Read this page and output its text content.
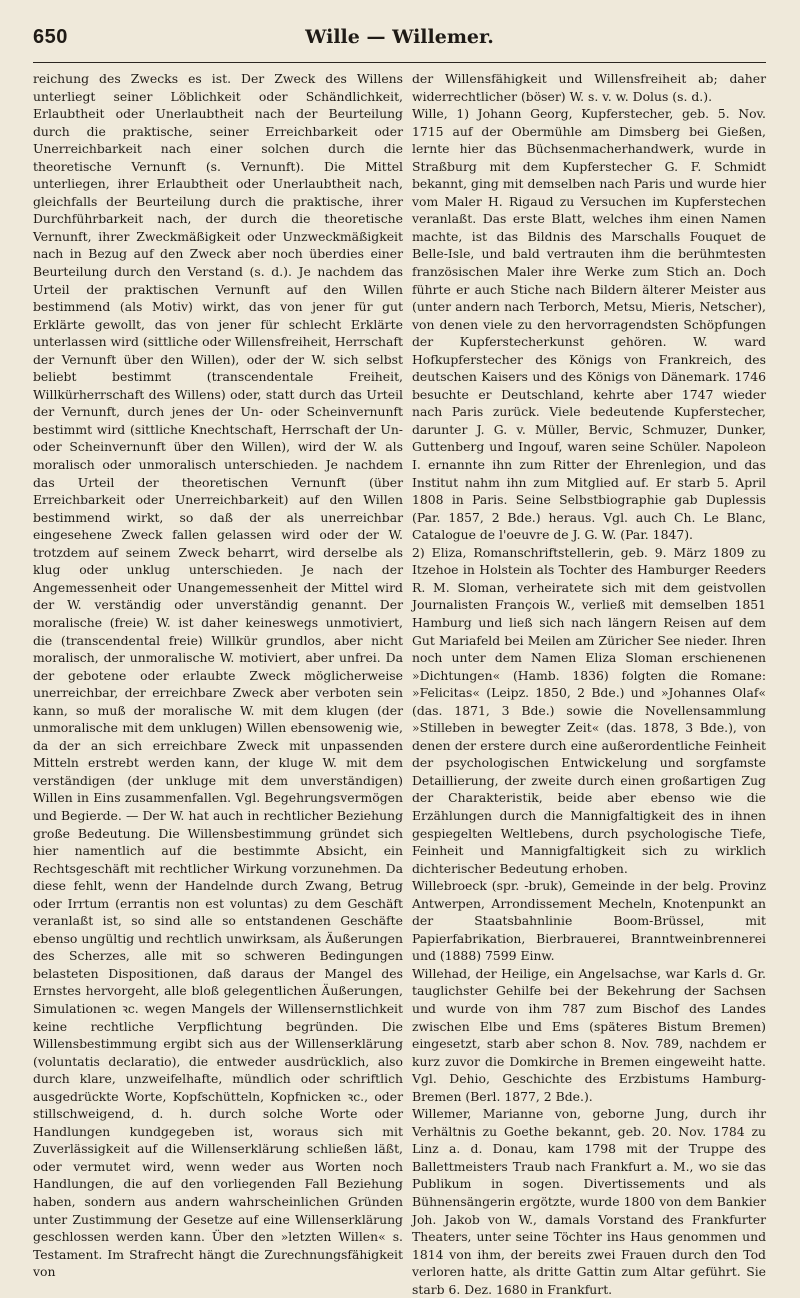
650	Wille — Willemer.

reichung des Zwecks es ist. Der Zweck des Willens unterliegt seiner Löblichkeit oder Schändlichkeit, Erlaubtheit oder Unerlaubtheit nach der Beurteilung durch die praktische, seiner Erreichbarkeit oder Unerreichbarkeit nach einer solchen durch die theoretische Vernunft (s. Vernunft). Die Mittel unterliegen, ihrer Erlaubtheit oder Unerlaubtheit nach, gleichfalls der Beurteilung durch die praktische, ihrer Durchführbarkeit nach, der durch die theoretische Vernunft, ihrer Zweckmäßigkeit oder Unzweckmäßigkeit nach in Bezug auf den Zweck aber noch überdies einer Beurteilung durch den Verstand (s. d.). Je nachdem das Urteil der praktischen Vernunft auf den Willen bestimmend (als Motiv) wirkt, das von jener für gut Erklärte gewollt, das von jener für schlecht Erklärte unterlassen wird (sittliche oder Willensfreiheit, Herrschaft der Vernunft über den Willen), oder der W. sich selbst beliebt bestimmt (transcendentale Freiheit, Willkürherrschaft des Willens) oder, statt durch das Urteil der Vernunft, durch jenes der Un- oder Scheinvernunft bestimmt wird (sittliche Knechtschaft, Herrschaft der Un- oder Scheinvernunft über den Willen), wird der W. als moralisch oder unmoralisch unterschieden. Je nachdem das Urteil der theoretischen Vernunft (über Erreichbarkeit oder Unerreichbarkeit) auf den Willen bestimmend wirkt, so daß der als unerreichbar eingesehene Zweck fallen gelassen wird oder der W. trotzdem auf seinem Zweck beharrt, wird derselbe als klug oder unklug unterschieden. Je nach der Angemessenheit oder Unangemessenheit der Mittel wird der W. verständig oder unverständig genannt. Der moralische (freie) W. ist daher keineswegs unmotiviert, die (transcendental freie) Willkür grundlos, aber nicht moralisch, der unmoralische W. motiviert, aber unfrei. Da der gebotene oder erlaubte Zweck möglicherweise unerreichbar, der erreichbare Zweck aber verboten sein kann, so muß der moralische W. mit dem klugen (der unmoralische mit dem unklugen) Willen ebensowenig wie, da der an sich erreichbare Zweck mit unpassenden Mitteln erstrebt werden kann, der kluge W. mit dem verständigen (der unkluge mit dem unverständigen) Willen in Eins zusammenfallen. Vgl. Begehrungsvermögen und Begierde. — Der W. hat auch in rechtlicher Beziehung große Bedeutung. Die Willensbestimmung gründet sich hier namentlich auf die bestimmte Absicht, ein Rechtsgeschäft mit rechtlicher Wirkung vorzunehmen. Da diese fehlt, wenn der Handelnde durch Zwang, Betrug oder Irrtum (errantis non est voluntas) zu dem Geschäft veranlaßt ist, so sind alle so entstandenen Geschäfte ebenso ungültig und rechtlich unwirksam, als Äußerungen des Scherzes, alle mit so schweren Bedingungen belasteten Dispositionen, daß daraus der Mangel des Ernstes hervorgeht, alle bloß gelegentlichen Äußerungen, Simulationen ꝛc. wegen Mangels der Willensernstlichkeit keine rechtliche Verpflichtung begründen. Die Willensbestimmung ergibt sich aus der Willenserklärung (voluntatis declaratio), die entweder ausdrücklich, also durch klare, unzweifelhafte, mündlich oder schriftlich ausgedrückte Worte, Kopfschütteln, Kopfnicken ꝛc., oder stillschweigend, d. h. durch solche Worte oder Handlungen kundgegeben ist, woraus sich mit Zuverlässigkeit auf die Willenserklärung schließen läßt, oder vermutet wird, wenn weder aus Worten noch Handlungen, die auf den vorliegenden Fall Beziehung haben, sondern aus andern wahrscheinlichen Gründen unter Zustimmung der Gesetze auf eine Willenserklärung geschlossen werden kann. Über den »letzten Willen« s. Testament. Im Strafrecht hängt die Zurechnungsfähigkeit von

der Willensfähigkeit und Willensfreiheit ab; daher widerrechtlicher (böser) W. s. v. w. Dolus (s. d.).

Wille, 1) Johann Georg, Kupferstecher, geb. 5. Nov. 1715 auf der Obermühle am Dimsberg bei Gießen, lernte hier das Büchsenmacherhandwerk, wurde in Straßburg mit dem Kupferstecher G. F. Schmidt bekannt, ging mit demselben nach Paris und wurde hier vom Maler H. Rigaud zu Versuchen im Kupferstechen veranlaßt. Das erste Blatt, welches ihm einen Namen machte, ist das Bildnis des Marschalls Fouquet de Belle-Isle, und bald vertrauten ihm die berühmtesten französischen Maler ihre Werke zum Stich an. Doch führte er auch Stiche nach Bildern älterer Meister aus (unter andern nach Terborch, Metsu, Mieris, Netscher), von denen viele zu den hervorragendsten Schöpfungen der Kupferstecherkunst gehören. W. ward Hofkupferstecher des Königs von Frankreich, des deutschen Kaisers und des Königs von Dänemark. 1746 besuchte er Deutschland, kehrte aber 1747 wieder nach Paris zurück. Viele bedeutende Kupferstecher, darunter J. G. v. Müller, Bervic, Schmuzer, Dunker, Guttenberg und Ingouf, waren seine Schüler. Napoleon I. ernannte ihn zum Ritter der Ehrenlegion, und das Institut nahm ihn zum Mitglied auf. Er starb 5. April 1808 in Paris. Seine Selbstbiographie gab Duplessis (Par. 1857, 2 Bde.) heraus. Vgl. auch Ch. Le Blanc, Catalogue de l'oeuvre de J. G. W. (Par. 1847).

2) Eliza, Romanschriftstellerin, geb. 9. März 1809 zu Itzehoe in Holstein als Tochter des Hamburger Reeders R. M. Sloman, verheiratete sich mit dem geistvollen Journalisten François W., verließ mit demselben 1851 Hamburg und ließ sich nach längern Reisen auf dem Gut Mariafeld bei Meilen am Züricher See nieder. Ihren noch unter dem Namen Eliza Sloman erschienenen »Dichtungen« (Hamb. 1836) folgten die Romane: »Felicitas« (Leipz. 1850, 2 Bde.) und »Johannes Olaf« (das. 1871, 3 Bde.) sowie die Novellensammlung »Stilleben in bewegter Zeit« (das. 1878, 3 Bde.), von denen der erstere durch eine außerordentliche Feinheit der psychologischen Entwickelung und sorgfamste Detaillierung, der zweite durch einen großartigen Zug der Charakteristik, beide aber ebenso wie die Erzählungen durch die Mannigfaltigkeit des in ihnen gespiegelten Weltlebens, durch psychologische Tiefe, Feinheit und Mannigfaltigkeit sich zu wirklich dichterischer Bedeutung erhoben.

Willebroeck (spr. -bruk), Gemeinde in der belg. Provinz Antwerpen, Arrondissement Mecheln, Knotenpunkt an der Staatsbahnlinie Boom-Brüssel, mit Papierfabrikation, Bierbrauerei, Branntweinbrennerei und (1888) 7599 Einw.

Willehad, der Heilige, ein Angelsachse, war Karls d. Gr. tauglichster Gehilfe bei der Bekehrung der Sachsen und wurde von ihm 787 zum Bischof des Landes zwischen Elbe und Ems (späteres Bistum Bremen) eingesetzt, starb aber schon 8. Nov. 789, nachdem er kurz zuvor die Domkirche in Bremen eingeweiht hatte. Vgl. Dehio, Geschichte des Erzbistums Hamburg-Bremen (Berl. 1877, 2 Bde.).

Willemer, Marianne von, geborne Jung, durch ihr Verhältnis zu Goethe bekannt, geb. 20. Nov. 1784 zu Linz a. d. Donau, kam 1798 mit der Truppe des Ballettmeisters Traub nach Frankfurt a. M., wo sie das Publikum in sogen. Divertissements und als Bühnensängerin ergötzte, wurde 1800 von dem Bankier Joh. Jakob von W., damals Vorstand des Frankfurter Theaters, unter seine Töchter ins Haus genommen und 1814 von ihm, der bereits zwei Frauen durch den Tod verloren hatte, als dritte Gattin zum Altar geführt. Sie starb 6. Dez. 1680 in Frankfurt.
